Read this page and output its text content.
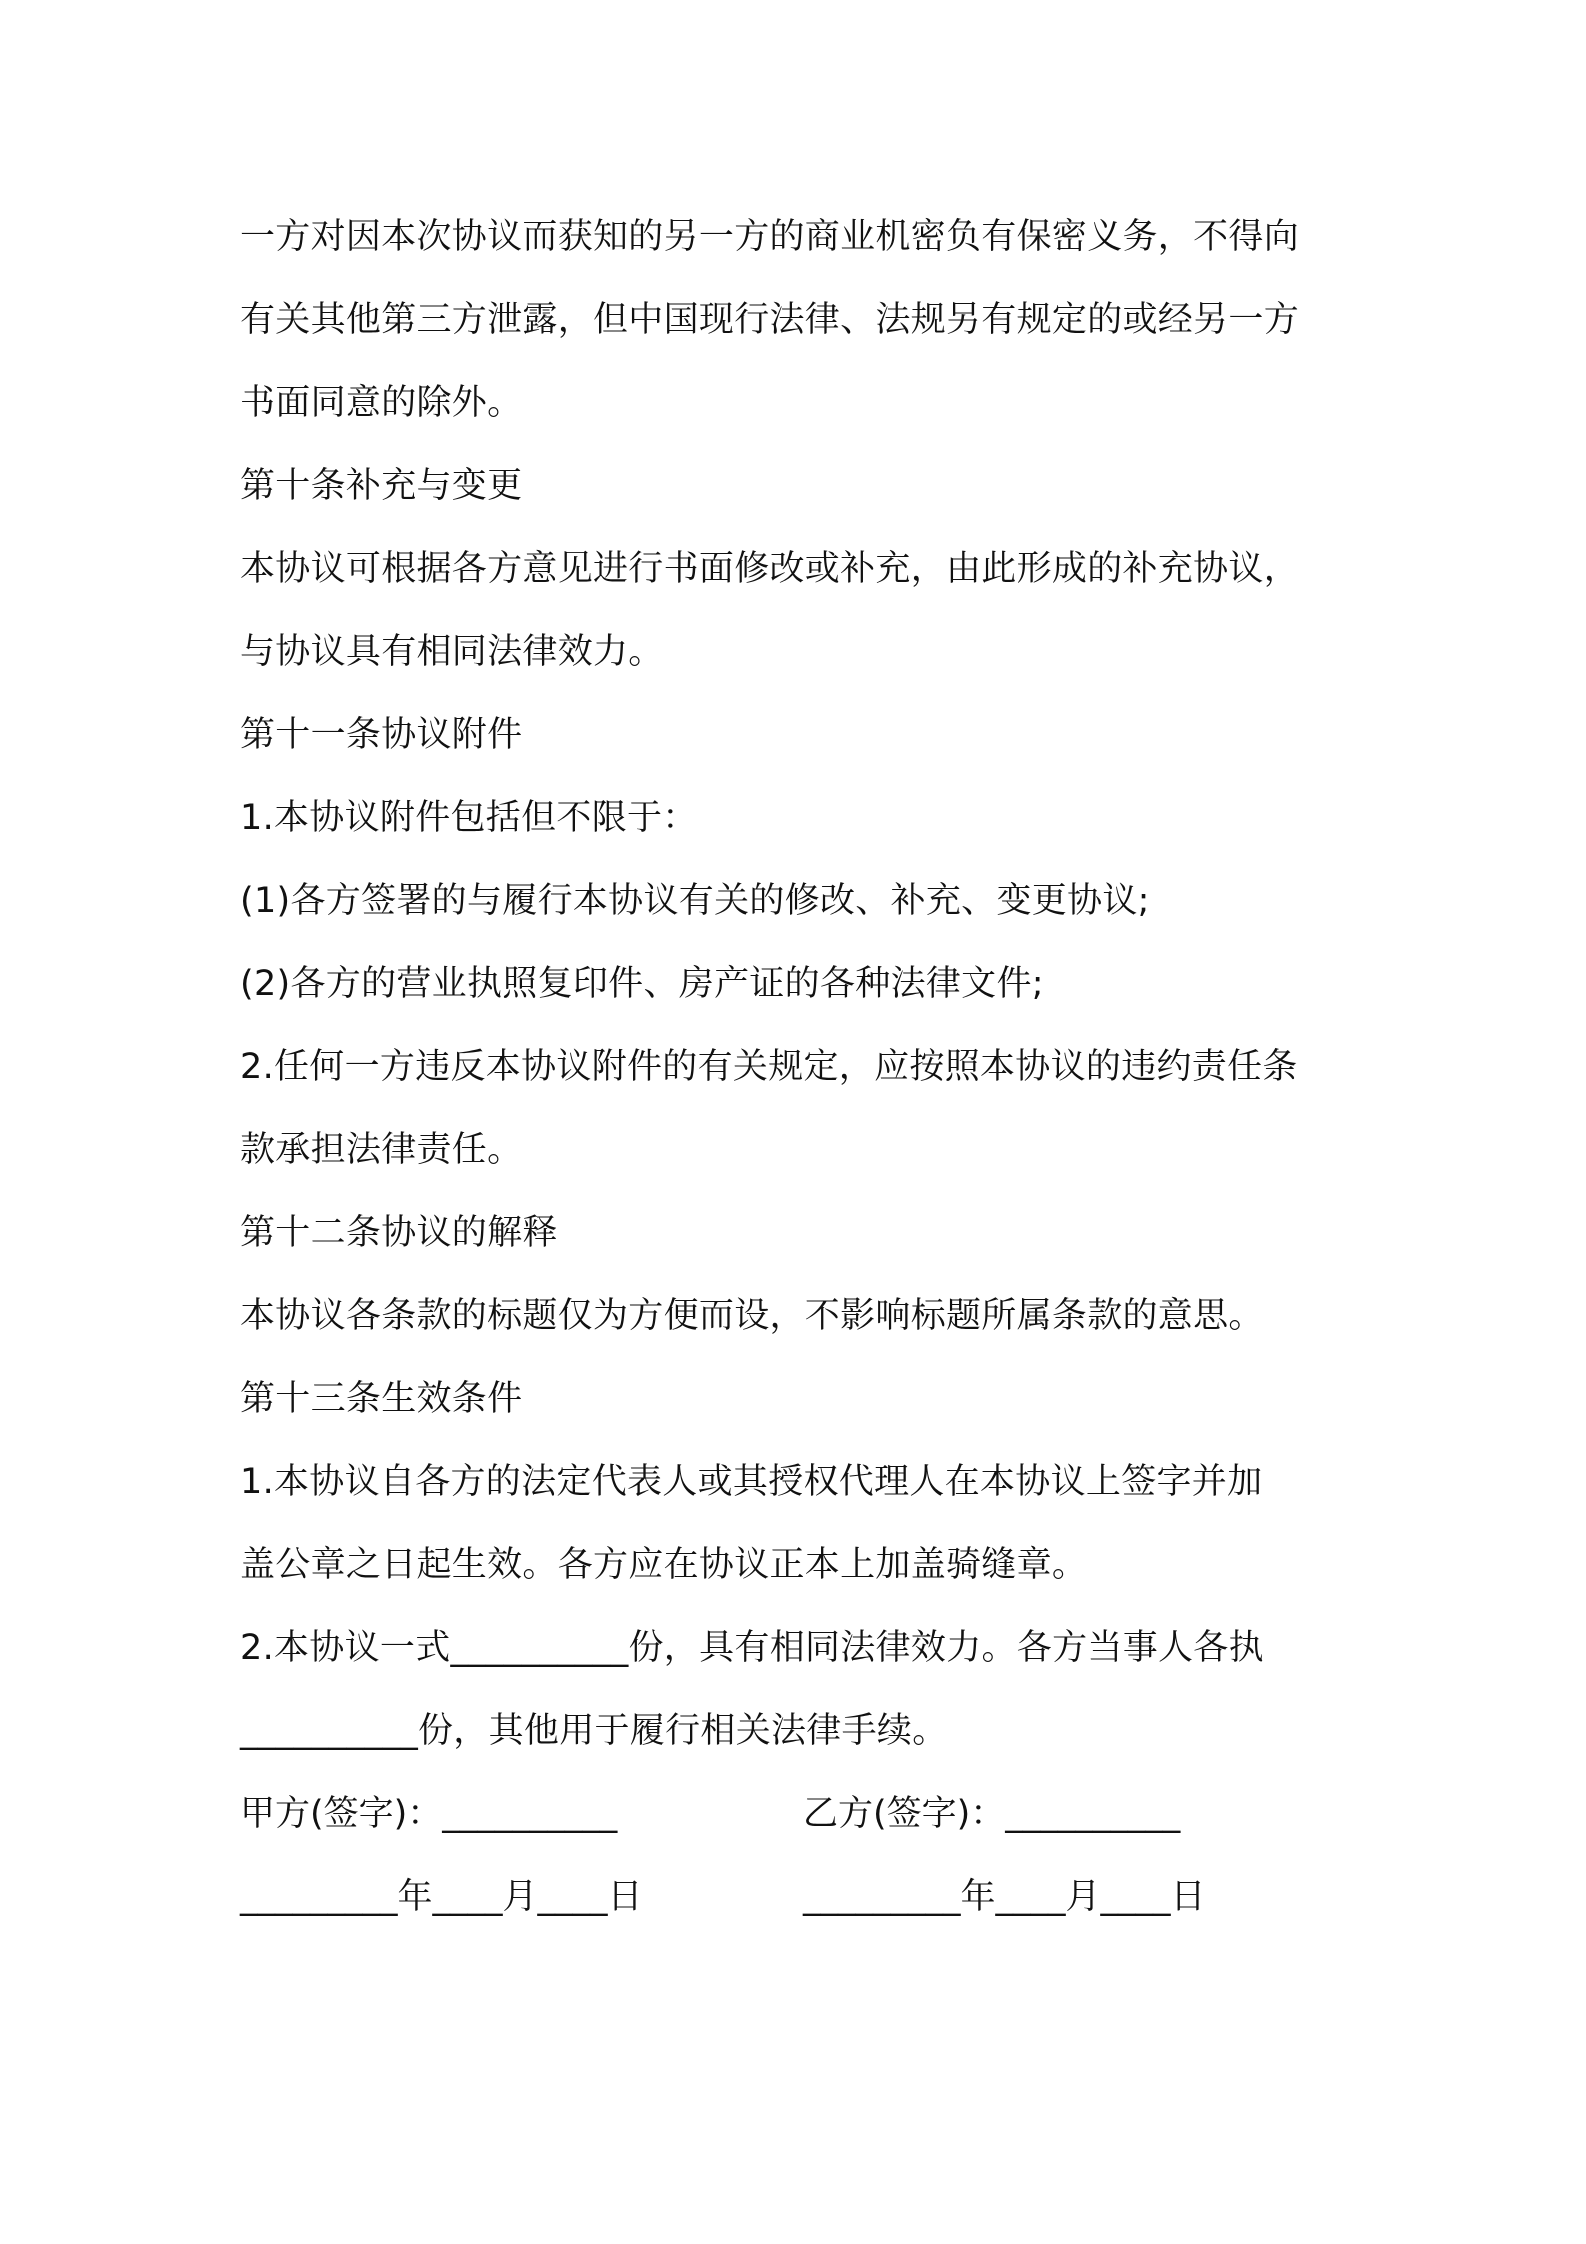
一方对因本次协议而获知的另一方的商业机密负有保密义务，不得向
有关其他第三方泄露，但中国现行法律、法规另有规定的或经另一方
书面同意的除外。
第十条补充与变更
本协议可根据各方意见进行书面修改或补充，由此形成的补充协议，
与协议具有相同法律效力。
第十一条协议附件
1.本协议附件包括但不限于：
(1)各方签署的与履行本协议有关的修改、补充、变更协议;
(2)各方的营业执照复印件、房产证的各种法律文件;
2.任何一方违反本协议附件的有关规定，应按照本协议的违约责任条
款承担法律责任。
第十二条协议的解释
本协议各条款的标题仅为方便而设，不影响标题所属条款的意思。
第十三条生效条件
1.本协议自各方的法定代表人或其授权代理人在本协议上签字并加
盖公章之日起生效。各方应在协议正本上加盖骑缝章。
2.本协议一式__________份，具有相同法律效力。各方当事人各执
__________份，其他用于履行相关法律手续。
甲方(签字)：__________	乙方(签字)：__________
_________年____月____日	_________年____月____日
